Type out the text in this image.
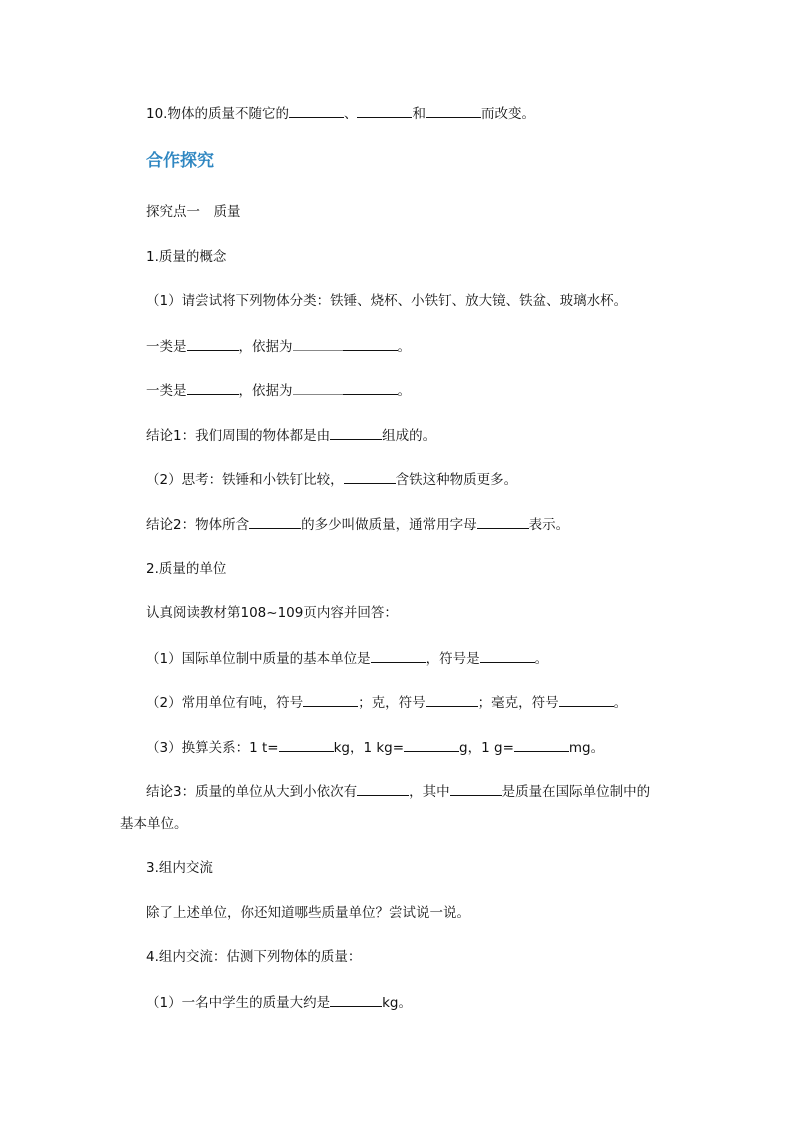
10.物体的质量不随它的	、	和	而改变。
合作探究
探究点一　质量
1.质量的概念
（1）请尝试将下列物体分类：铁锤、烧杯、小铁钉、放大镜、铁盆、玻璃水杯。
一类是	，依据为	。
一类是	，依据为	。
结论1：我们周围的物体都是由	组成的。
（2）思考：铁锤和小铁钉比较，	含铁这种物质更多。
结论2：物体所含	的多少叫做质量，通常用字母	表示。
2.质量的单位
认真阅读教材第108~109页内容并回答：
（1）国际单位制中质量的基本单位是	，符号是	。
（2）常用单位有吨，符号	；克，符号	；毫克，符号	。
（3）换算关系：1 t=	kg，1 kg=	g，1 g=	mg。
结论3：质量的单位从大到小依次有	，其中	是质量在国际单位制中的
基本单位。
3.组内交流
除了上述单位，你还知道哪些质量单位？尝试说一说。
4.组内交流：估测下列物体的质量：
（1）一名中学生的质量大约是	kg。
